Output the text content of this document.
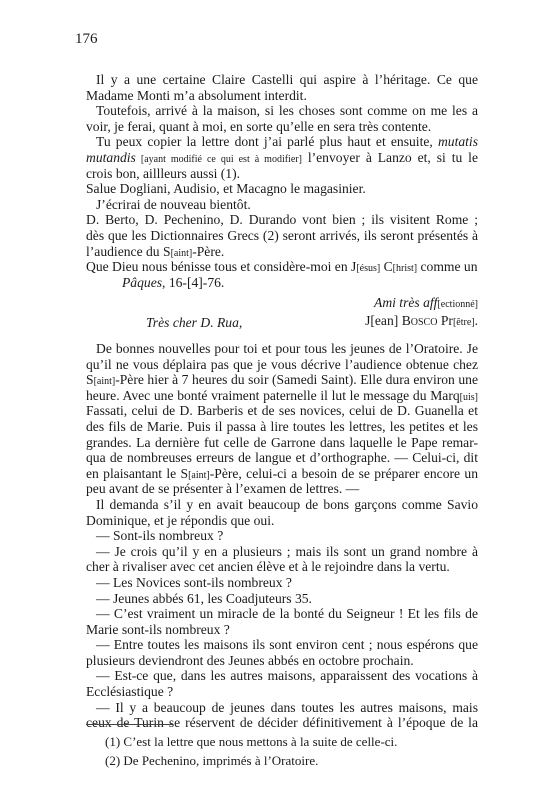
176
Il y a une certaine Claire Castelli qui aspire à l’héritage. Ce que
Madame Monti m’a absolument interdit.
Toutefois, arrivé à la maison, si les choses sont comme on me les a
voir, je ferai, quant à moi, en sorte qu’elle en sera très contente.
Tu peux copier la lettre dont j’ai parlé plus haut et ensuite, mutatis
mutandis [ayant modifié ce qui est à modifier] l’envoyer à Lanzo et, si tu le
crois bon, aillleurs aussi (1).
Salue Dogliani, Audisio, et Macagno le magasinier.
J’écrirai de nouveau bientôt.
D. Berto, D. Pechenino, D. Durando vont bien ; ils visitent Rome ;
dès que les Dictionnaires Grecs (2) seront arrivés, ils seront présentés à
l’audience du S[aint]-Père.
Que Dieu nous bénisse tous et considère-moi en J[ésus] C[hrist] comme un
Pâques, 16-[4]-76.
Ami très aff[ectionné]
J[ean] Bosco Pr[être].
Très cher D. Rua,
De bonnes nouvelles pour toi et pour tous les jeunes de l’Oratoire. Je
qu’il ne vous déplaira pas que je vous décrive l’audience obtenue chez
S[aint]-Père hier à 7 heures du soir (Samedi Saint). Elle dura environ une
heure. Avec une bonté vraiment paternelle il lut le message du Marq[uis]
Fassati, celui de D. Barberis et de ses novices, celui de D. Guanella et
des fils de Marie. Puis il passa à lire toutes les lettres, les petites et les
grandes. La dernière fut celle de Garrone dans laquelle le Pape remar-
qua de nombreuses erreurs de langue et d’orthographe. — Celui-ci, dit
en plaisantant le S[aint]-Père, celui-ci a besoin de se préparer encore un
peu avant de se présenter à l’examen de lettres. —
Il demanda s’il y en avait beaucoup de bons garçons comme Savio
Dominique, et je répondis que oui.
— Sont-ils nombreux ?
— Je crois qu’il y en a plusieurs ; mais ils sont un grand nombre à
cher à rivaliser avec cet ancien élève et à le rejoindre dans la vertu.
— Les Novices sont-ils nombreux ?
— Jeunes abbés 61, les Coadjuteurs 35.
— C’est vraiment un miracle de la bonté du Seigneur ! Et les fils de
Marie sont-ils nombreux ?
— Entre toutes les maisons ils sont environ cent ; nous espérons que
plusieurs deviendront des Jeunes abbés en octobre prochain.
— Est-ce que, dans les autres maisons, apparaissent des vocations à
Ecclésiastique ?
— Il y a beaucoup de jeunes dans toutes les autres maisons, mais
ceux de Turin se réservent de décider définitivement à l’époque de la
(1) C’est la lettre que nous mettons à la suite de celle-ci.
(2) De Pechenino, imprimés à l’Oratoire.
